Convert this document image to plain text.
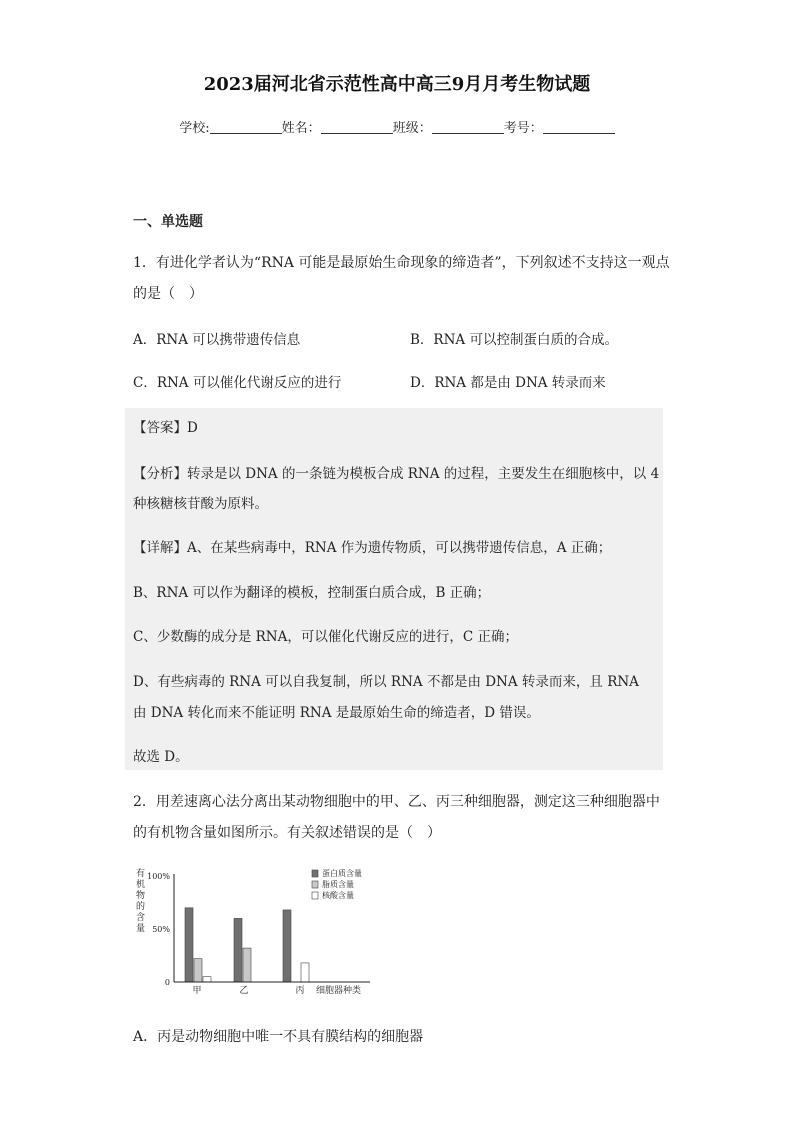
2023届河北省示范性高中高三9月月考生物试题
学校:	姓名：	班级：	考号：
一、单选题
1．有进化学者认为“RNA 可能是最原始生命现象的缔造者”，下列叙述不支持这一观点
的是（　）
A．RNA 可以携带遗传信息	B．RNA 可以控制蛋白质的合成。
C．RNA 可以催化代谢反应的进行	D．RNA 都是由 DNA 转录而来
【答案】D
【分析】转录是以 DNA 的一条链为模板合成 RNA 的过程，主要发生在细胞核中，以 4
种核糖核苷酸为原料。
【详解】A、在某些病毒中，RNA 作为遗传物质，可以携带遗传信息，A 正确；
B、RNA 可以作为翻译的模板，控制蛋白质合成，B 正确；
C、少数酶的成分是 RNA，可以催化代谢反应的进行，C 正确；
D、有些病毒的 RNA 可以自我复制，所以 RNA 不都是由 DNA 转录而来，且 RNA
由 DNA 转化而来不能证明 RNA 是最原始生命的缔造者，D 错误。
故选 D。
2．用差速离心法分离出某动物细胞中的甲、乙、丙三种细胞器，测定这三种细胞器中
的有机物含量如图所示。有关叙述错误的是（　）
有机物的含量
细胞器种类
100%
50%
0
甲	乙	丙
蛋白质含量
脂质含量
核酸含量
A．丙是动物细胞中唯一不具有膜结构的细胞器
